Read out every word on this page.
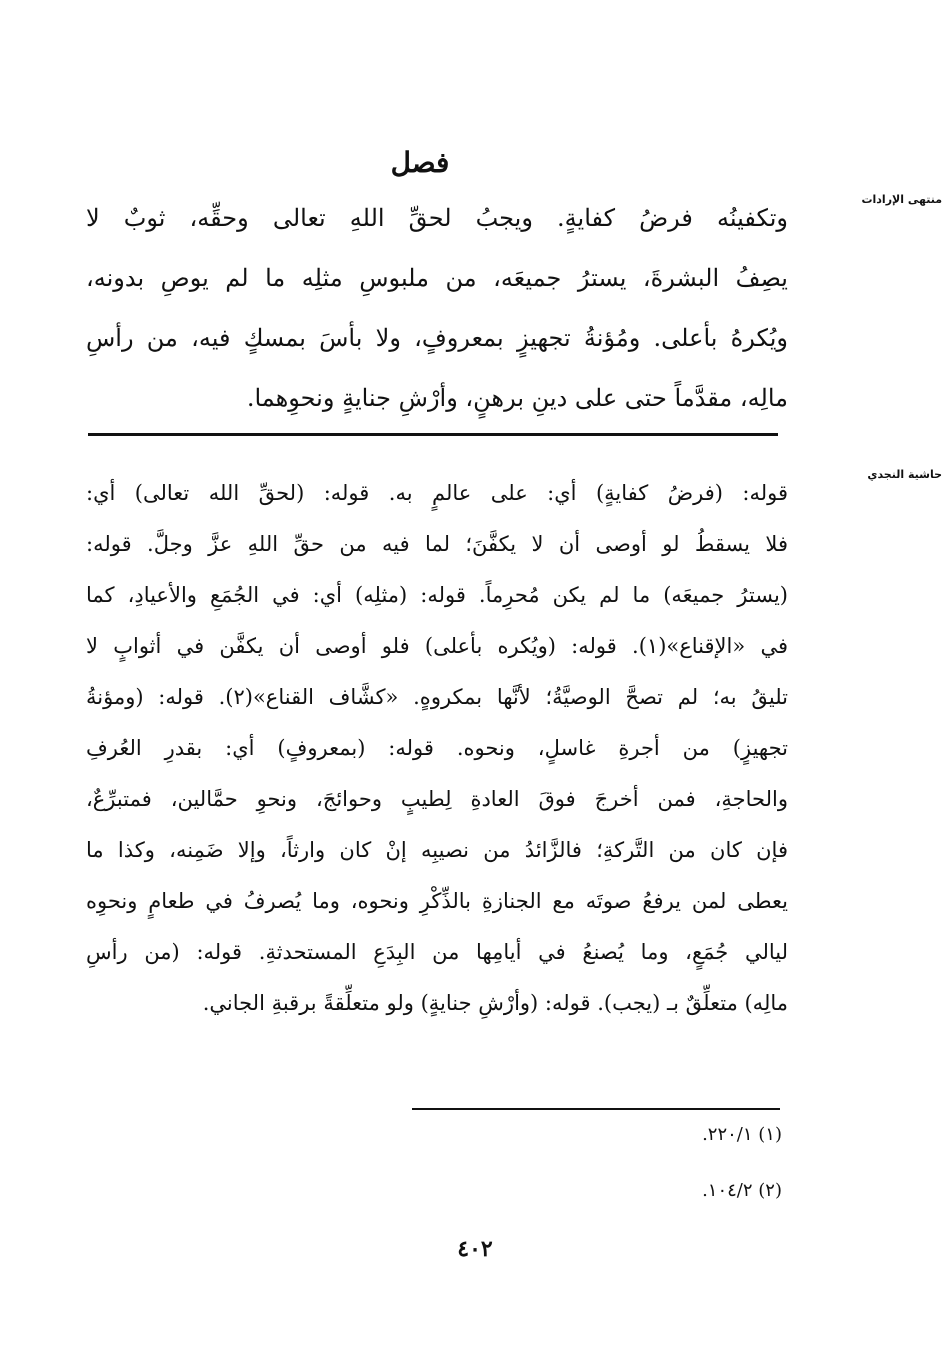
منتهى الإرادات
فصل
وتكفينُه فرضُ كفايةٍ. ويجبُ لحقِّ اللهِ تعالى وحقِّه، ثوبٌ لا
يصِفُ البشرةَ، يسترُ جميعَه، من ملبوسِ مثلِه ما لم يوصِ بدونه،
ويُكرهُ بأعلى. ومُؤنةُ تجهيزٍ بمعروفٍ، ولا بأسَ بمسكٍ فيه، من رأسِ
مالِه، مقدَّماً حتى على دينِ برهنٍ، وأرْشِ جنايةٍ ونحوِهما.
حاشية النجدي
قوله: (فرضُ كفايةٍ) أي: على عالمٍ به. قوله: (لحقِّ الله تعالى) أي:
فلا يسقطُ لو أوصى أن لا يكفَّنَ؛ لما فيه من حقِّ اللهِ عزَّ وجلَّ. قوله:
(يسترُ جميعَه) ما لم يكن مُحرِماً. قوله: (مثلِه) أي: في الجُمَعِ والأعيادِ، كما
في «الإقناع»(١). قوله: (ويُكره بأعلى) فلو أوصى أن يكفَّن في أثوابٍ لا
تليقُ به؛ لم تصحَّ الوصيَّةُ؛ لأنَّها بمكروهٍ. «كشَّاف القناع»(٢). قوله: (ومؤنةُ
تجهيزٍ) من أجرةِ غاسلٍ، ونحوه. قوله: (بمعروفٍ) أي: بقدرِ العُرفِ
والحاجةِ، فمن أخرجَ فوقَ العادةِ لِطيبٍ وحوائجَ، ونحوِ حمَّالين، فمتبرِّعٌ،
فإن كان من التَّركةِ؛ فالزَّائدُ من نصيبِه إنْ كان وارثاً، وإلا ضَمِنه، وكذا ما
يعطى لمن يرفعُ صوتَه مع الجنازةِ بالذِّكْرِ ونحوه، وما يُصرفُ في طعامٍ ونحوِه
ليالي جُمَعٍ، وما يُصنعُ في أيامِها من البِدَعِ المستحدثةِ. قوله: (من رأسِ
مالِه) متعلِّقٌ بـ (يجب). قوله: (وأرْشِ جنايةٍ) ولو متعلِّقةً برقبةِ الجاني.
(١) ٢٢٠/١.
(٢) ١٠٤/٢.
٤٠٢
